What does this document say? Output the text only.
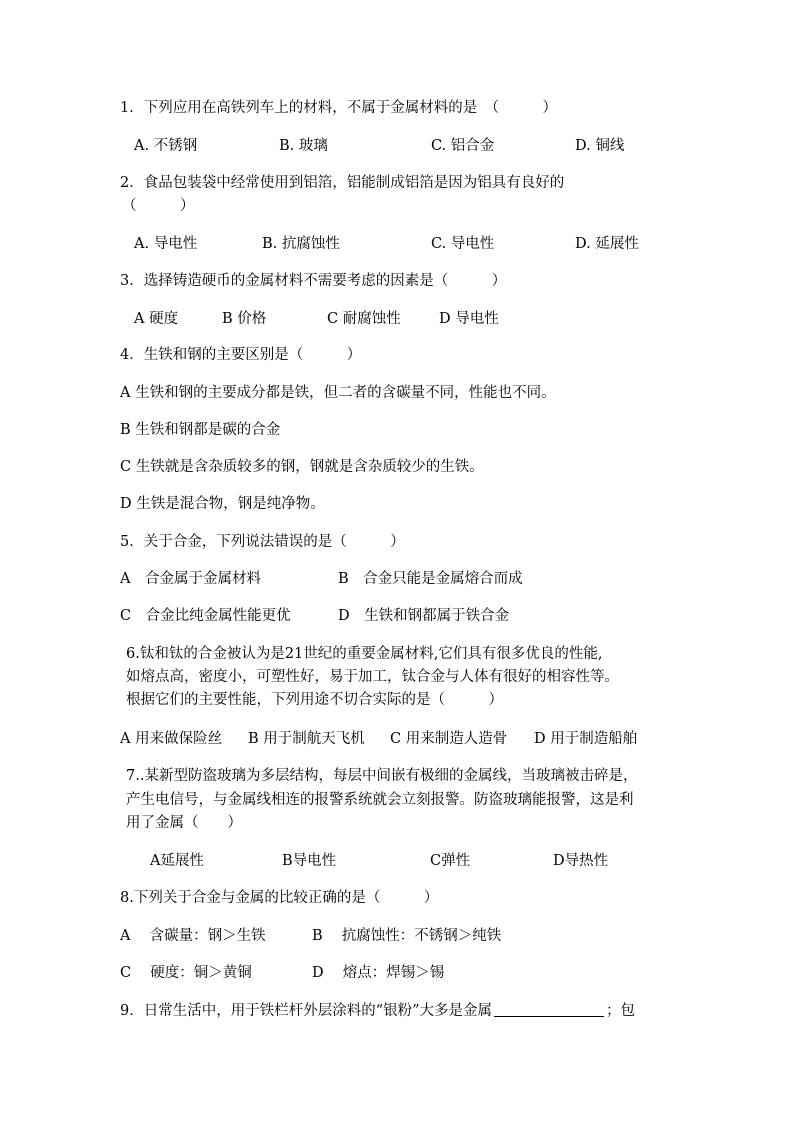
1．下列应用在高铁列车上的材料，不属于金属材料的是　（　　　）
A. 不锈钢	B. 玻璃	C. 铝合金	D. 铜线
2．食品包装袋中经常使用到铝箔，铝能制成铝箔是因为铝具有良好的
（　　　）
A. 导电性	B. 抗腐蚀性	C. 导电性	D. 延展性
3．选择铸造硬币的金属材料不需要考虑的因素是（　　　）
A 硬度	B 价格	C 耐腐蚀性	D 导电性
4．生铁和钢的主要区别是（　　　）
A 生铁和钢的主要成分都是铁，但二者的含碳量不同，性能也不同。
B 生铁和钢都是碳的合金
C 生铁就是含杂质较多的钢，钢就是含杂质较少的生铁。
D 生铁是混合物，钢是纯净物。
5．关于合金，下列说法错误的是（　　　）
A　合金属于金属材料	B　合金只能是金属熔合而成
C　合金比纯金属性能更优	D　生铁和钢都属于铁合金
6.钛和钛的合金被认为是21世纪的重要金属材料,它们具有很多优良的性能,
如熔点高，密度小，可塑性好，易于加工，钛合金与人体有很好的相容性等。
根据它们的主要性能，下列用途不切合实际的是（　　　）
A 用来做保险丝 B 用于制航天飞机 C 用来制造人造骨 D 用于制造船舶
7..某新型防盗玻璃为多层结构，每层中间嵌有极细的金属线，当玻璃被击碎是，
产生电信号，与金属线相连的报警系统就会立刻报警。防盗玻璃能报警，这是利
用了金属（　　）
A延展性	B导电性	C弹性	D导热性
8.下列关于合金与金属的比较正确的是（　　　）
A　 含碳量：钢＞生铁	B　 抗腐蚀性：不锈钢＞纯铁
C　 硬度：铜＞黄铜	D　 熔点：焊锡＞锡
9．日常生活中，用于铁栏杆外层涂料的“银粉”大多是金属	；包
